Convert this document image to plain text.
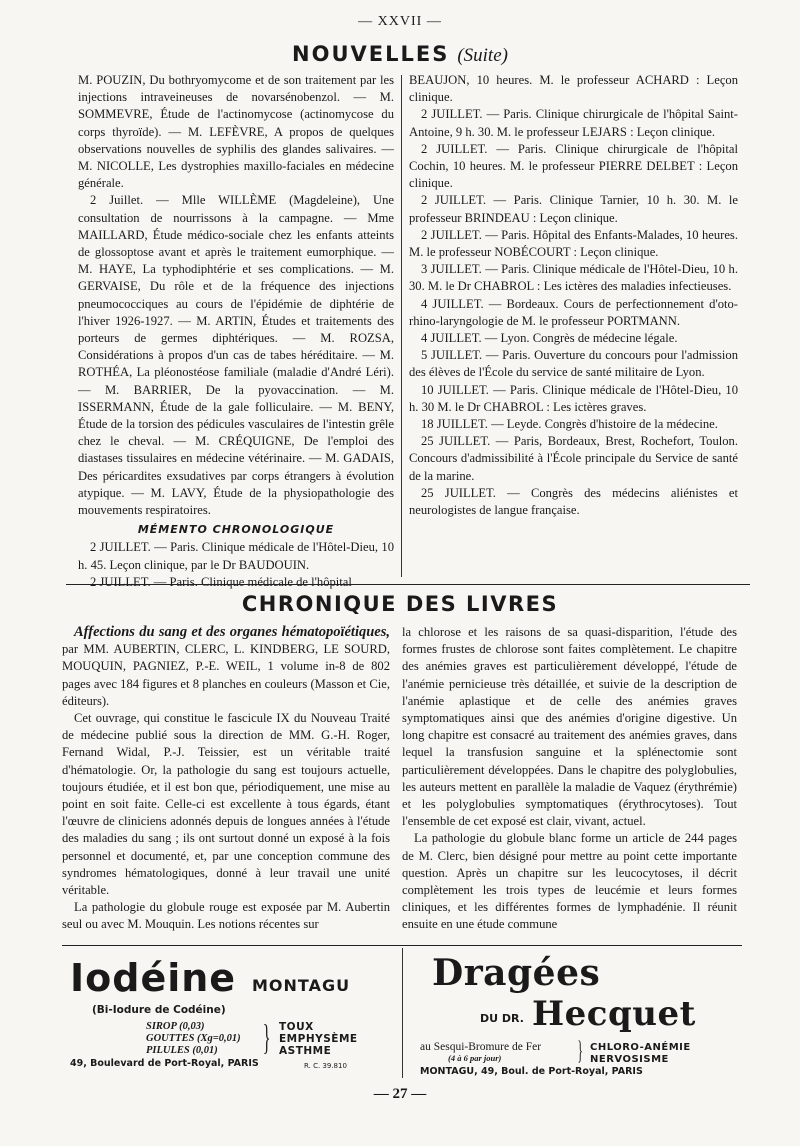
— XXVII —
NOUVELLES (Suite)

M. POUZIN, Du bothryomycome et de son traitement par les injections intraveineuses de novarsénobenzol. — M. SOMMEVRE, Étude de l'actinomycose (actinomycose du corps thyroïde). — M. LEFÈVRE, A propos de quelques observations nouvelles de syphilis des glandes salivaires. — M. NICOLLE, Les dystrophies maxillo-faciales en médecine générale.

2 Juillet. — Mlle WILLÈME (Magdeleine), Une consultation de nourrissons à la campagne. — Mme MAILLARD, Étude médico-sociale chez les enfants atteints de glossoptose avant et après le traitement eumorphique. — M. HAYE, La typhodiphtérie et ses complications. — M. GERVAISE, Du rôle et de la fréquence des injections pneumococciques au cours de l'épidémie de diphtérie de l'hiver 1926-1927. — M. ARTIN, Études et traitements des porteurs de germes diphtériques. — M. ROZSA, Considérations à propos d'un cas de tabes héréditaire. — M. ROTHÉA, La pléonostéose familiale (maladie d'André Léri). — M. BARRIER, De la pyovaccination. — M. ISSERMANN, Étude de la gale folliculaire. — M. BENY, Étude de la torsion des pédicules vasculaires de l'intestin grêle chez le cheval. — M. CRÉQUIGNE, De l'emploi des diastases tissulaires en médecine vétérinaire. — M. GADAIS, Des péricardites exsudatives par corps étrangers à évolution atypique. — M. LAVY, Étude de la physiopathologie des mouvements respiratoires.

MÉMENTO CHRONOLOGIQUE

2 JUILLET. — Paris. Clinique médicale de l'Hôtel-Dieu, 10 h. 45. Leçon clinique, par le Dr BAUDOUIN.

2 JUILLET. — Paris. Clinique médicale de l'hôpital

BEAUJON, 10 heures. M. le professeur ACHARD : Leçon clinique.

2 JUILLET. — Paris. Clinique chirurgicale de l'hôpital Saint-Antoine, 9 h. 30. M. le professeur LEJARS : Leçon clinique.

2 JUILLET. — Paris. Clinique chirurgicale de l'hôpital Cochin, 10 heures. M. le professeur PIERRE DELBET : Leçon clinique.

2 JUILLET. — Paris. Clinique Tarnier, 10 h. 30. M. le professeur BRINDEAU : Leçon clinique.

2 JUILLET. — Paris. Hôpital des Enfants-Malades, 10 heures. M. le professeur NOBÉCOURT : Leçon clinique.

3 JUILLET. — Paris. Clinique médicale de l'Hôtel-Dieu, 10 h. 30. M. le Dr CHABROL : Les ictères des maladies infectieuses.

4 JUILLET. — Bordeaux. Cours de perfectionnement d'oto-rhino-laryngologie de M. le professeur PORTMANN.

4 JUILLET. — Lyon. Congrès de médecine légale.

5 JUILLET. — Paris. Ouverture du concours pour l'admission des élèves de l'École du service de santé militaire de Lyon.

10 JUILLET. — Paris. Clinique médicale de l'Hôtel-Dieu, 10 h. 30 M. le Dr CHABROL : Les ictères graves.

18 JUILLET. — Leyde. Congrès d'histoire de la médecine.

25 JUILLET. — Paris, Bordeaux, Brest, Rochefort, Toulon. Concours d'admissibilité à l'École principale du Service de santé de la marine.

25 JUILLET. — Congrès des médecins aliénistes et neurologistes de langue française.

CHRONIQUE DES LIVRES

Affections du sang et des organes hématopoïétiques, par MM. AUBERTIN, CLERC, L. KINDBERG, LE SOURD, MOUQUIN, PAGNIEZ, P.-E. WEIL, 1 volume in-8 de 802 pages avec 184 figures et 8 planches en couleurs (Masson et Cie, éditeurs).

Cet ouvrage, qui constitue le fascicule IX du Nouveau Traité de médecine publié sous la direction de MM. G.-H. Roger, Fernand Widal, P.-J. Teissier, est un véritable traité d'hématologie. Or, la pathologie du sang est toujours actuelle, toujours étudiée, et il est bon que, périodiquement, une mise au point en soit faite. Celle-ci est excellente à tous égards, étant l'œuvre de cliniciens adonnés depuis de longues années à l'étude des maladies du sang ; ils ont surtout donné un exposé à la fois personnel et documenté, et, par une conception commune des syndromes hématologiques, donné à leur travail une unité véritable.

La pathologie du globule rouge est exposée par M. Aubertin seul ou avec M. Mouquin. Les notions récentes sur

la chlorose et les raisons de sa quasi-disparition, l'étude des formes frustes de chlorose sont faites complètement. Le chapitre des anémies graves est particulièrement développé, l'étude de l'anémie pernicieuse très détaillée, et suivie de la description de l'anémie aplastique et de celle des anémies graves symptomatiques ainsi que des anémies d'origine digestive. Un long chapitre est consacré au traitement des anémies graves, dans lequel la transfusion sanguine et la splénectomie sont particulièrement développées. Dans le chapitre des polyglobulies, les auteurs mettent en parallèle la maladie de Vaquez (érythrémie) et les polyglobulies symptomatiques (érythrocytoses). Tout l'ensemble de cet exposé est clair, vivant, actuel.

La pathologie du globule blanc forme un article de 244 pages de M. Clerc, bien désigné pour mettre au point cette importante question. Après un chapitre sur les leucocytoses, il décrit complètement les trois types de leucémie et leurs formes cliniques, et les différentes formes de lymphadénie. Il réunit ensuite en une étude commune

Iodéine MONTAGU
(Bi-Iodure de Codéine)
SIROP (0,03)
GOUTTES (Xg=0,01)
PILULES (0,01)	} TOUX
EMPHYSÈME
ASTHME
49, Boulevard de Port-Royal, PARIS	R. C. 39.810
Dragées
DU DR. Hecquet
au Sesqui-Bromure de Fer
(4 à 6 par jour)	} CHLORO-ANÉMIE
NERVOSISME
MONTAGU, 49, Boul. de Port-Royal, PARIS
— 27 —
